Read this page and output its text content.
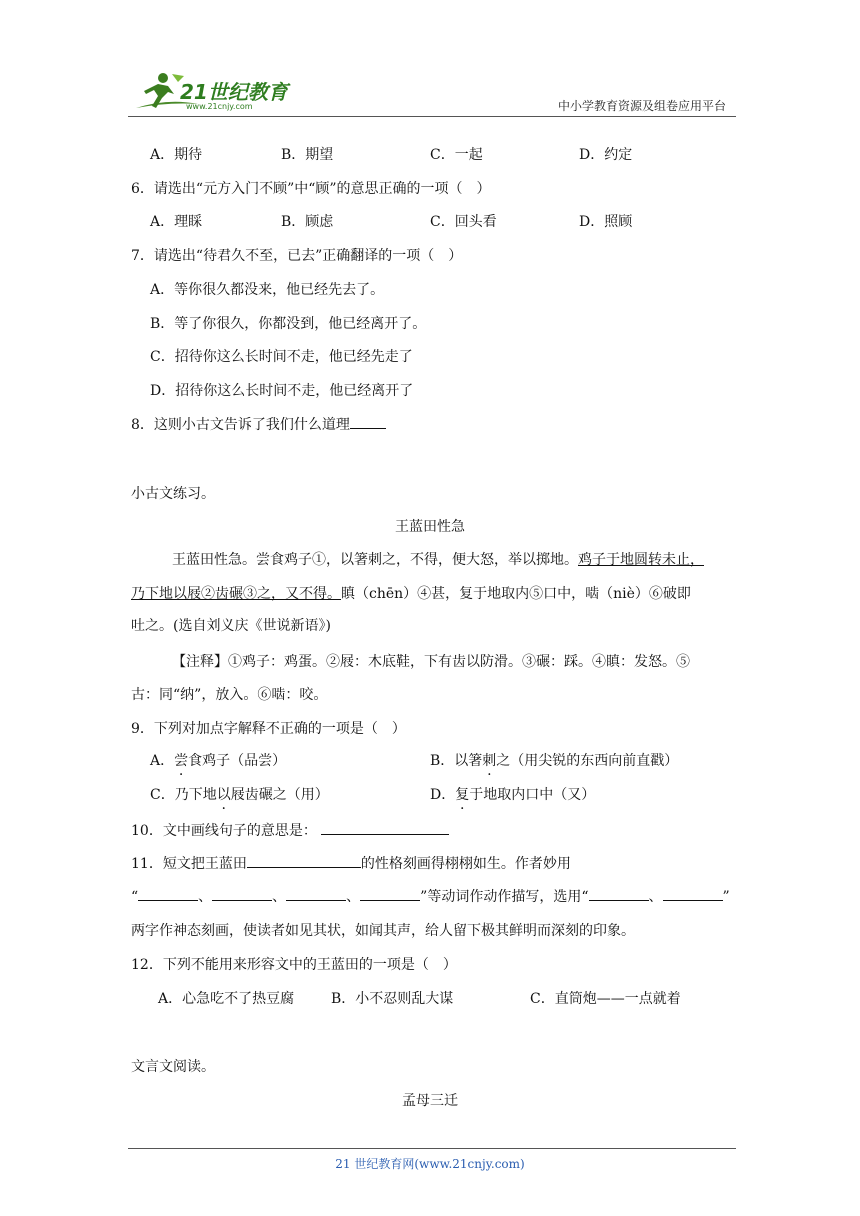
21世纪教育
www.21cnjy.com	中小学教育资源及组卷应用平台
A．期待	B．期望	C．一起	D．约定
6．请选出“元方入门不顾”中“顾”的意思正确的一项（　）
A．理睬	B．顾虑	C．回头看	D．照顾
7．请选出“待君久不至，已去”正确翻译的一项（　）
A．等你很久都没来，他已经先去了。
B．等了你很久，你都没到，他已经离开了。
C．招待你这么长时间不走，他已经先走了
D．招待你这么长时间不走，他已经离开了
8．这则小古文告诉了我们什么道理
小古文练习。
王蓝田性急
王蓝田性急。尝食鸡子①，以箸刺之，不得，便大怒，举以掷地。鸡子于地圆转未止，
乃下地以屐②齿碾③之，又不得。瞋（chēn）④甚，复于地取内⑤口中，啮（niè）⑥破即
吐之。(选自刘义庆《世说新语》)
【注释】①鸡子：鸡蛋。②屐：木底鞋，下有齿以防滑。③碾：踩。④瞋：发怒。⑤
古：同“纳”，放入。⑥啮：咬。
9．下列对加点字解释不正确的一项是（　）
A．尝食鸡子（品尝）	B．以箸刺之（用尖锐的东西向前直戳）
C．乃下地以屐齿碾之（用）	D．复于地取内口中（又）
10．文中画线句子的意思是：
11．短文把王蓝田	的性格刻画得栩栩如生。作者妙用
“	、	、	、	”等动词作动作描写，选用“	、	”
两字作神态刻画，使读者如见其状，如闻其声，给人留下极其鲜明而深刻的印象。
12．下列不能用来形容文中的王蓝田的一项是（　）
A．心急吃不了热豆腐	B．小不忍则乱大谋	C．直筒炮——一点就着
文言文阅读。
孟母三迁
21 世纪教育网(www.21cnjy.com)
